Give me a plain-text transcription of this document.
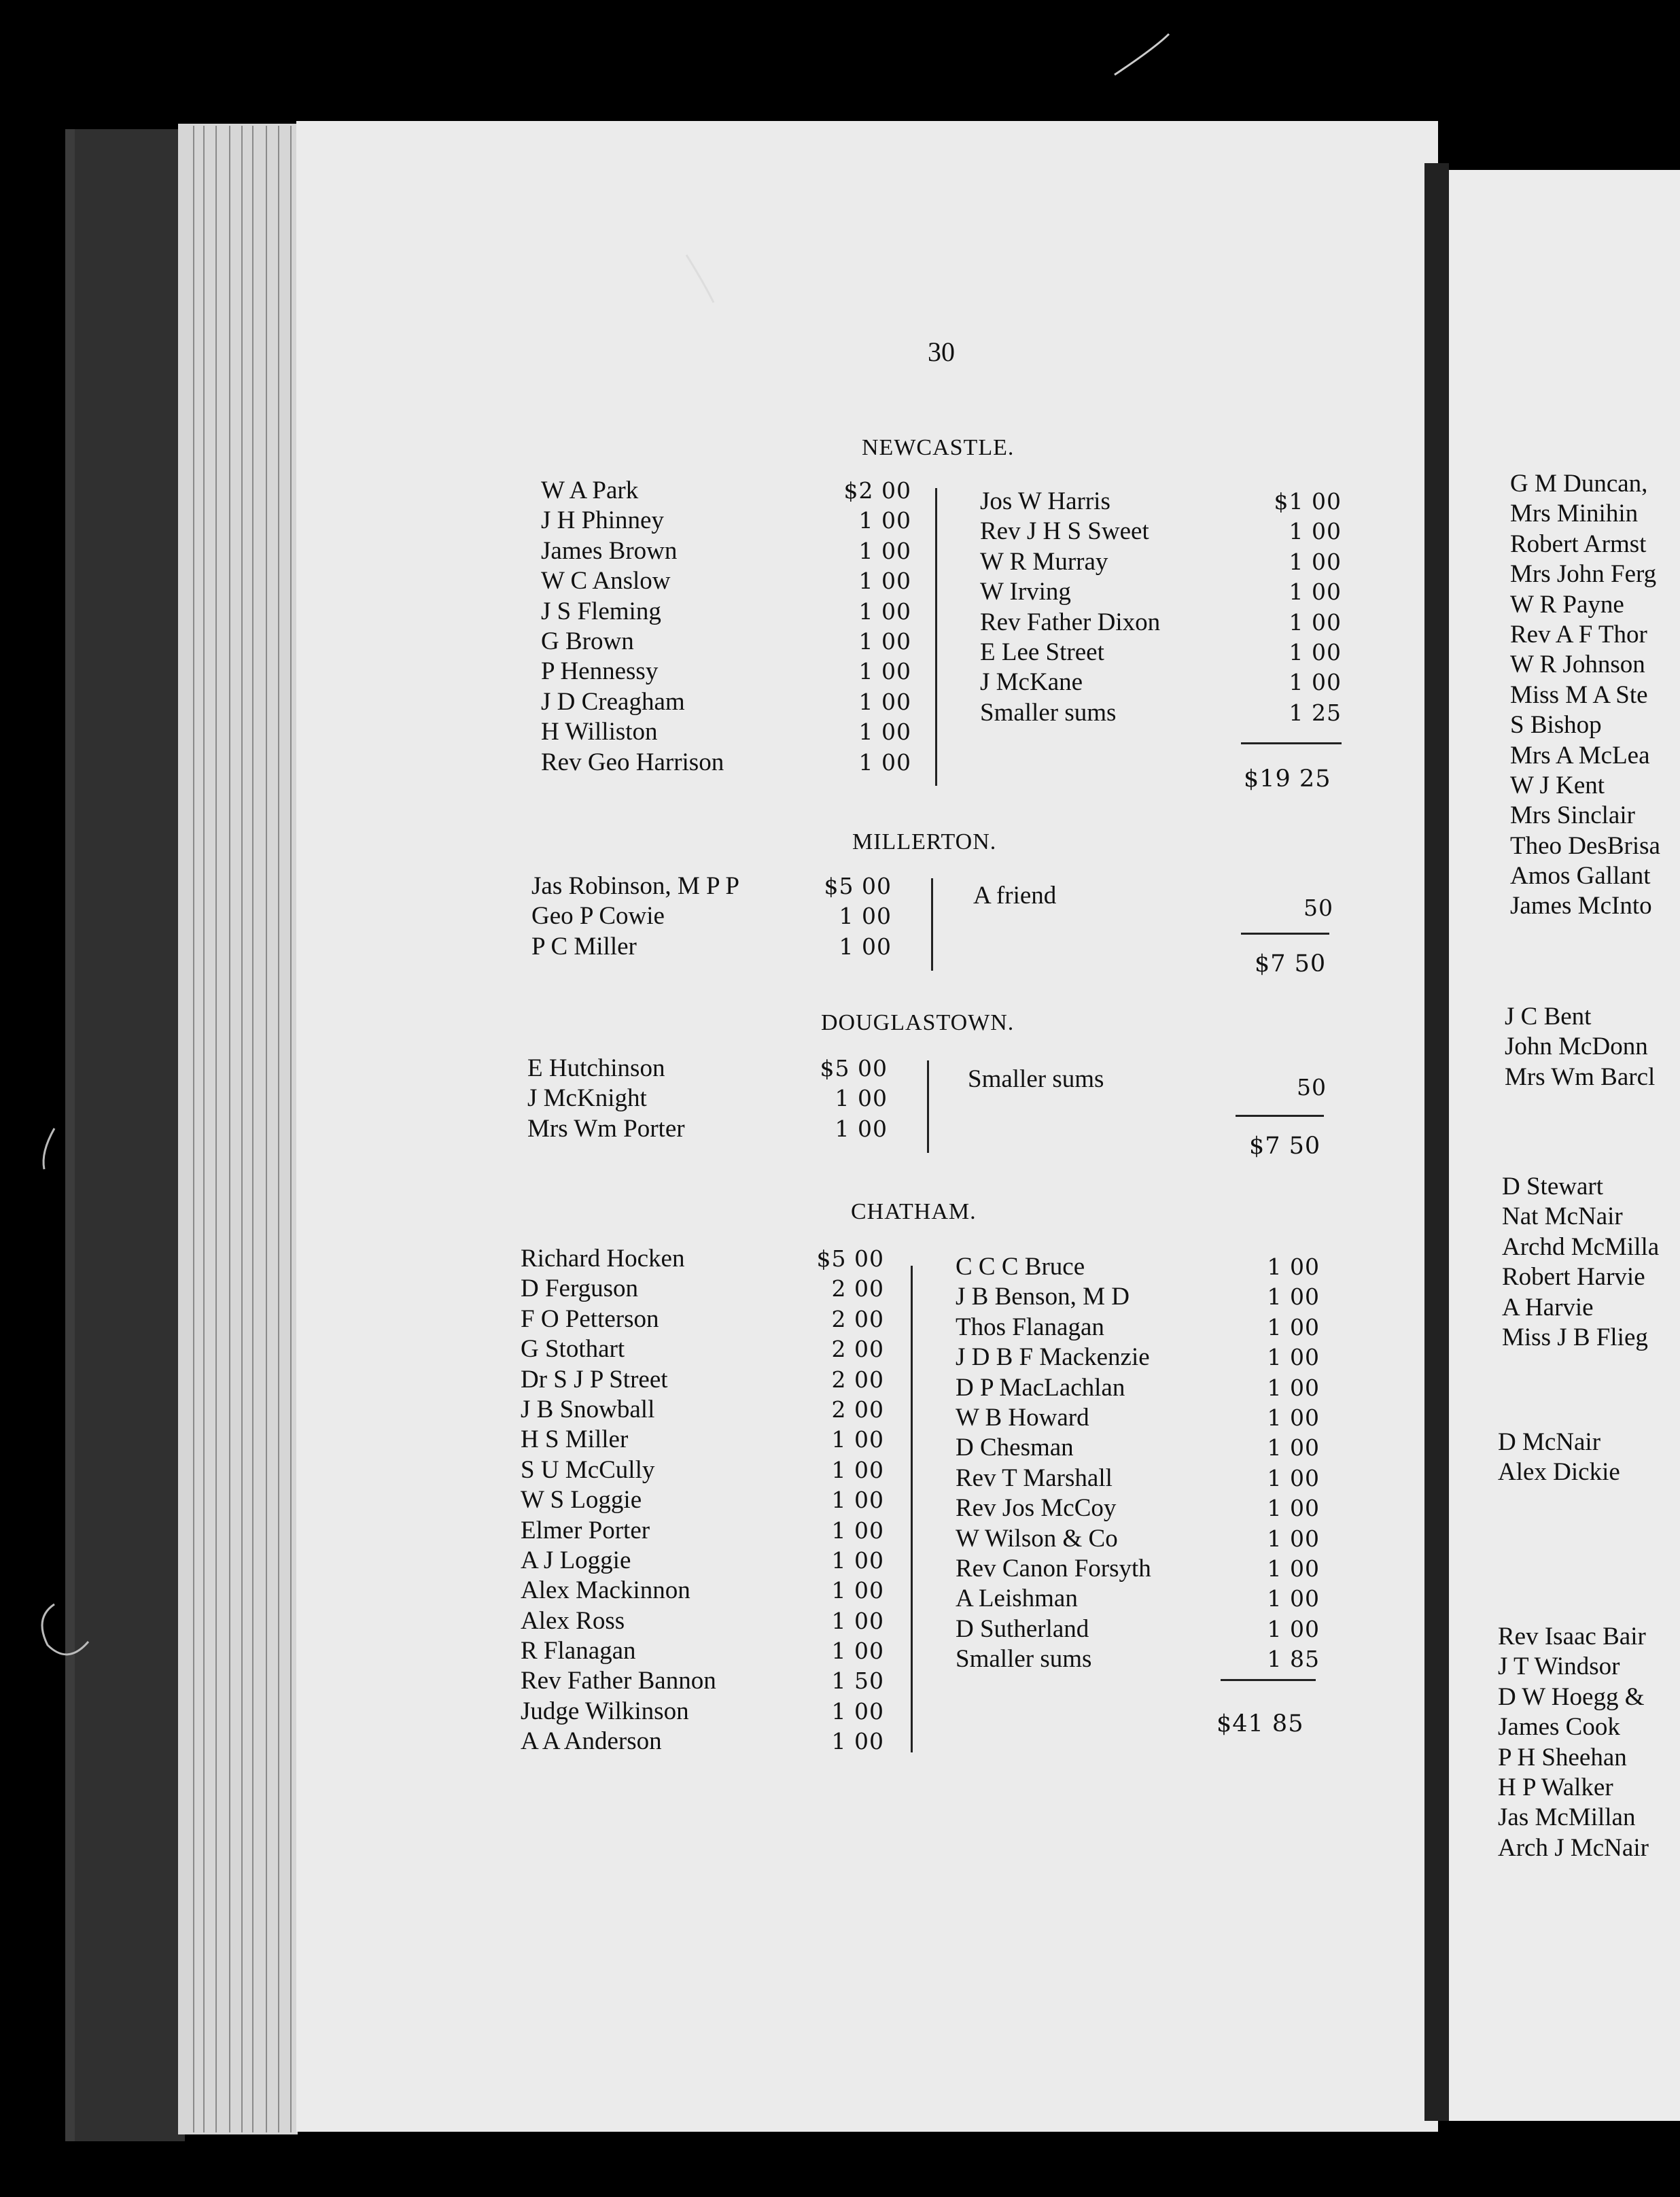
30
NEWCASTLE.
W A Park	$2 00
J H Phinney	1 00
James Brown	1 00
W C Anslow	1 00
J S Fleming	1 00
G Brown	1 00
P Hennessy	1 00
J D Creagham	1 00
H Williston	1 00
Rev Geo Harrison	1 00
Jos W Harris	$1 00
Rev J H S Sweet	1 00
W R Murray	1 00
W Irving	1 00
Rev Father Dixon	1 00
E Lee Street	1 00
J McKane	1 00
Smaller sums	1 25
$19 25
MILLERTON.
Jas Robinson, M P P	$5 00
Geo P Cowie	1 00
P C Miller	1 00
A friend	50
$7 50
DOUGLASTOWN.
E Hutchinson	$5 00
J McKnight	1 00
Mrs Wm Porter	1 00
Smaller sums	50
$7 50
CHATHAM.
Richard Hocken	$5 00
D Ferguson	2 00
F O Petterson	2 00
G Stothart	2 00
Dr S J P Street	2 00
J B Snowball	2 00
H S Miller	1 00
S U McCully	1 00
W S Loggie	1 00
Elmer Porter	1 00
A J Loggie	1 00
Alex Mackinnon	1 00
Alex Ross	1 00
R Flanagan	1 00
Rev Father Bannon	1 50
Judge Wilkinson	1 00
A A Anderson	1 00
C C C Bruce	1 00
J B Benson, M D	1 00
Thos Flanagan	1 00
J D B F Mackenzie	1 00
D P MacLachlan	1 00
W B Howard	1 00
D Chesman	1 00
Rev T Marshall	1 00
Rev Jos McCoy	1 00
W Wilson & Co	1 00
Rev Canon Forsyth	1 00
A Leishman	1 00
D Sutherland	1 00
Smaller sums	1 85
$41 85
G M Duncan,
Mrs Minihin
Robert Armst
Mrs John Ferg
W R Payne
Rev A F Thor
W R Johnson
Miss M A Ste
S Bishop
Mrs A McLea
W J Kent
Mrs Sinclair
Theo DesBrisa
Amos Gallant
James McInto
J C Bent
John McDonn
Mrs Wm Barcl
D Stewart
Nat McNair
Archd McMilla
Robert Harvie
A Harvie
Miss J B Flieg
D McNair
Alex Dickie
Rev Isaac Bair
J T Windsor
D W Hoegg &
James Cook
P H Sheehan
H P Walker
Jas McMillan
Arch J McNair
